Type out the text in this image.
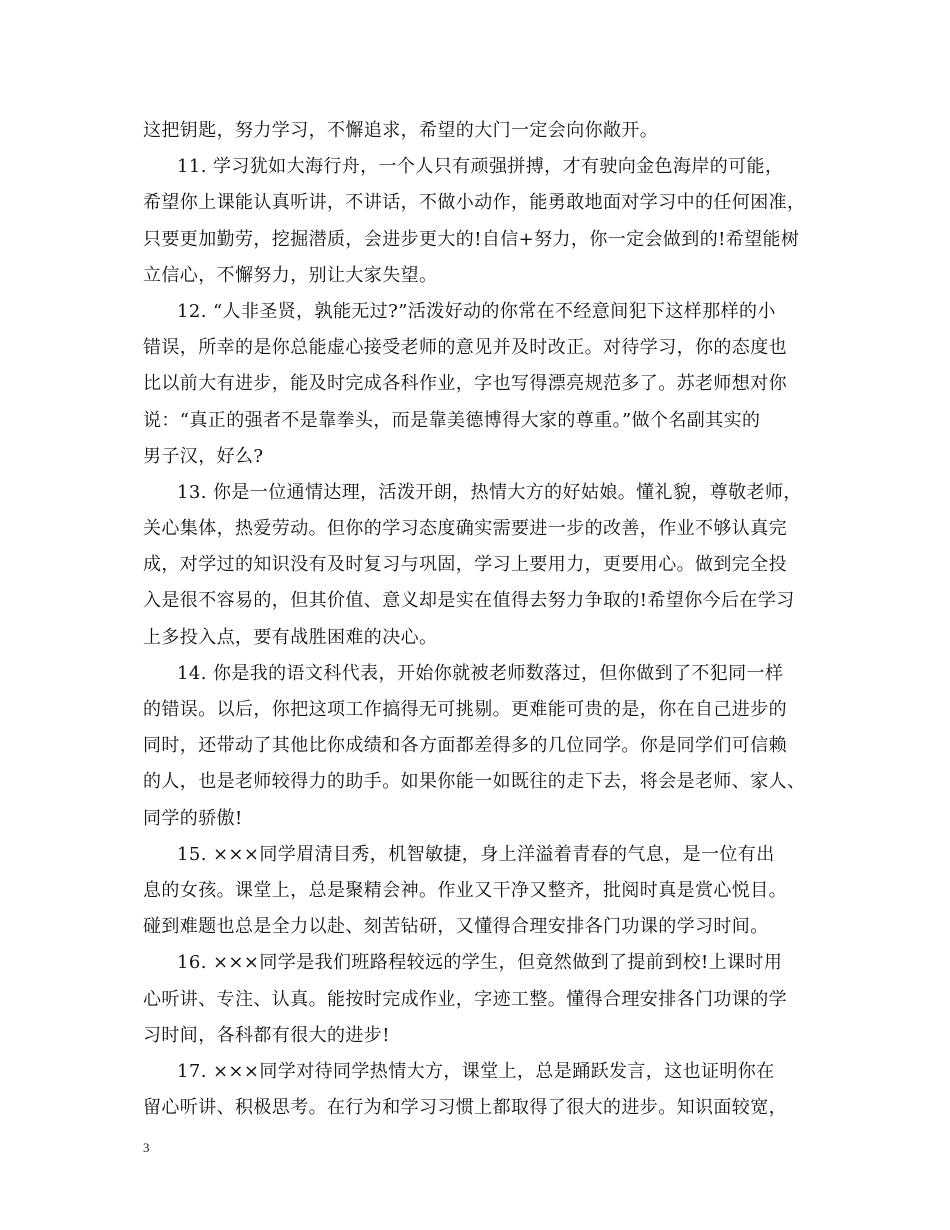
这把钥匙，努力学习，不懈追求，希望的大门一定会向你敞开。
11. 学习犹如大海行舟，一个人只有顽强拼搏，才有驶向金色海岸的可能，
希望你上课能认真听讲，不讲话，不做小动作，能勇敢地面对学习中的任何困准，
只要更加勤劳，挖掘潜质，会进步更大的!自信+努力，你一定会做到的!希望能树
立信心，不懈努力，别让大家失望。
12. “人非圣贤，孰能无过?”活泼好动的你常在不经意间犯下这样那样的小
错误，所幸的是你总能虚心接受老师的意见并及时改正。对待学习，你的态度也
比以前大有进步，能及时完成各科作业，字也写得漂亮规范多了。苏老师想对你
说：“真正的强者不是靠拳头，而是靠美德博得大家的尊重。”做个名副其实的
男子汉，好么?
13. 你是一位通情达理，活泼开朗，热情大方的好姑娘。懂礼貌，尊敬老师，
关心集体，热爱劳动。但你的学习态度确实需要进一步的改善，作业不够认真完
成，对学过的知识没有及时复习与巩固，学习上要用力，更要用心。做到完全投
入是很不容易的，但其价值、意义却是实在值得去努力争取的!希望你今后在学习
上多投入点，要有战胜困难的决心。
14. 你是我的语文科代表，开始你就被老师数落过，但你做到了不犯同一样
的错误。以后，你把这项工作搞得无可挑剔。更难能可贵的是，你在自己进步的
同时，还带动了其他比你成绩和各方面都差得多的几位同学。你是同学们可信赖
的人，也是老师较得力的助手。如果你能一如既往的走下去，将会是老师、家人、
同学的骄傲!
15. ×××同学眉清目秀，机智敏捷，身上洋溢着青春的气息，是一位有出
息的女孩。课堂上，总是聚精会神。作业又干净又整齐，批阅时真是赏心悦目。
碰到难题也总是全力以赴、刻苦钻研，又懂得合理安排各门功课的学习时间。
16. ×××同学是我们班路程较远的学生，但竟然做到了提前到校!上课时用
心听讲、专注、认真。能按时完成作业，字迹工整。懂得合理安排各门功课的学
习时间，各科都有很大的进步!
17. ×××同学对待同学热情大方，课堂上，总是踊跃发言，这也证明你在
留心听讲、积极思考。在行为和学习习惯上都取得了很大的进步。知识面较宽，
3
